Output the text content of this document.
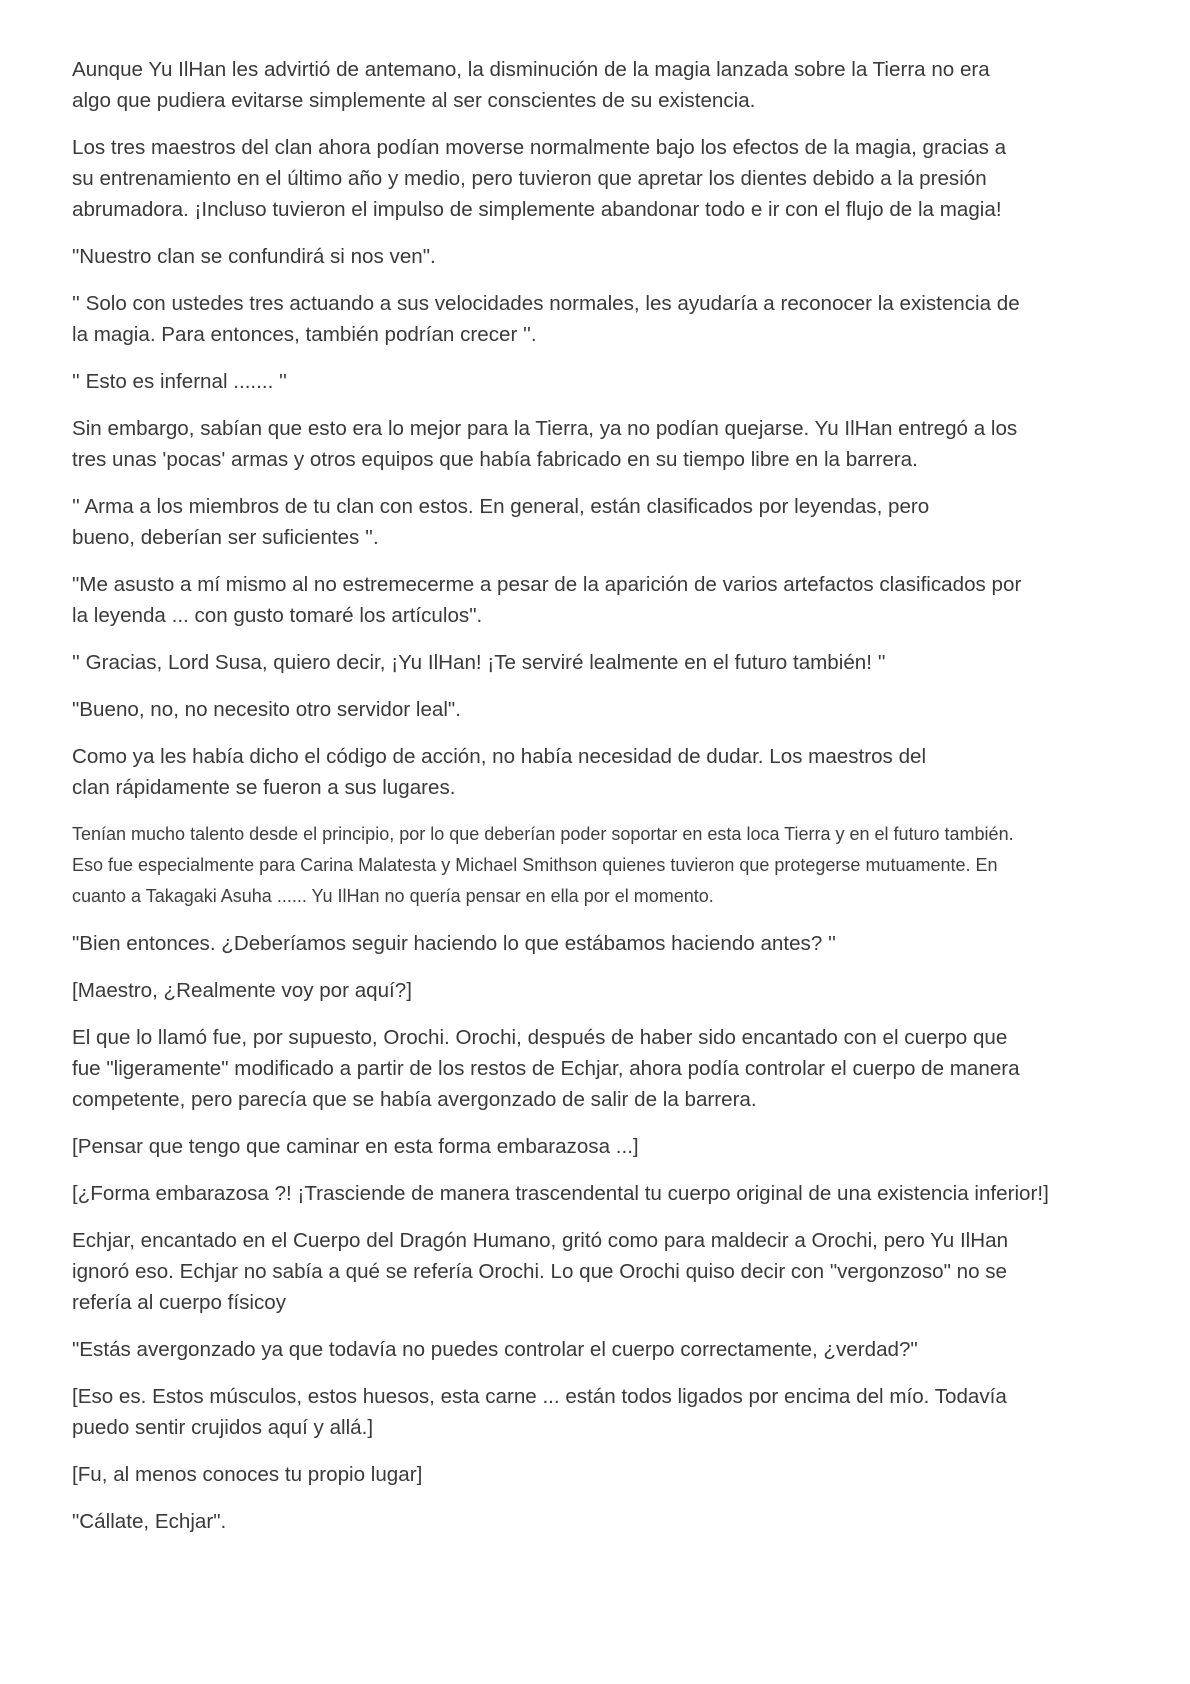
Aunque Yu IlHan les advirtió de antemano, la disminución de la magia lanzada sobre la Tierra no era
algo que pudiera evitarse simplemente al ser conscientes de su existencia.

Los tres maestros del clan ahora podían moverse normalmente bajo los efectos de la magia, gracias a
su entrenamiento en el último año y medio, pero tuvieron que apretar los dientes debido a la presión
abrumadora. ¡Incluso tuvieron el impulso de simplemente abandonar todo e ir con el flujo de la magia!

"Nuestro clan se confundirá si nos ven".

'' Solo con ustedes tres actuando a sus velocidades normales, les ayudaría a reconocer la existencia de
la magia. Para entonces, también podrían crecer ''.

'' Esto es infernal ....... ''

Sin embargo, sabían que esto era lo mejor para la Tierra, ya no podían quejarse. Yu IlHan entregó a los
tres unas 'pocas' armas y otros equipos que había fabricado en su tiempo libre en la barrera.

'' Arma a los miembros de tu clan con estos. En general, están clasificados por leyendas, pero
bueno, deberían ser suficientes ''.

"Me asusto a mí mismo al no estremecerme a pesar de la aparición de varios artefactos clasificados por
la leyenda ... con gusto tomaré los artículos".

'' Gracias, Lord Susa, quiero decir, ¡Yu IlHan! ¡Te serviré lealmente en el futuro también! ''

"Bueno, no, no necesito otro servidor leal".

Como ya les había dicho el código de acción, no había necesidad de dudar. Los maestros del
clan rápidamente se fueron a sus lugares.

Tenían mucho talento desde el principio, por lo que deberían poder soportar en esta loca Tierra y en el futuro también.
Eso fue especialmente para Carina Malatesta y Michael Smithson quienes tuvieron que protegerse mutuamente. En
cuanto a Takagaki Asuha ...... Yu IlHan no quería pensar en ella por el momento.

"Bien entonces. ¿Deberíamos seguir haciendo lo que estábamos haciendo antes? ''

[Maestro, ¿Realmente voy por aquí?]

El que lo llamó fue, por supuesto, Orochi. Orochi, después de haber sido encantado con el cuerpo que
fue "ligeramente" modificado a partir de los restos de Echjar, ahora podía controlar el cuerpo de manera
competente, pero parecía que se había avergonzado de salir de la barrera.

[Pensar que tengo que caminar en esta forma embarazosa ...]

[¿Forma embarazosa ?! ¡Trasciende de manera trascendental tu cuerpo original de una existencia inferior!]

Echjar, encantado en el Cuerpo del Dragón Humano, gritó como para maldecir a Orochi, pero Yu IlHan
ignoró eso. Echjar no sabía a qué se refería Orochi. Lo que Orochi quiso decir con "vergonzoso" no se
refería al cuerpo físicoy

"Estás avergonzado ya que todavía no puedes controlar el cuerpo correctamente, ¿verdad?"

[Eso es. Estos músculos, estos huesos, esta carne ... están todos ligados por encima del mío. Todavía
puedo sentir crujidos aquí y allá.]

[Fu, al menos conoces tu propio lugar]

"Cállate, Echjar".
